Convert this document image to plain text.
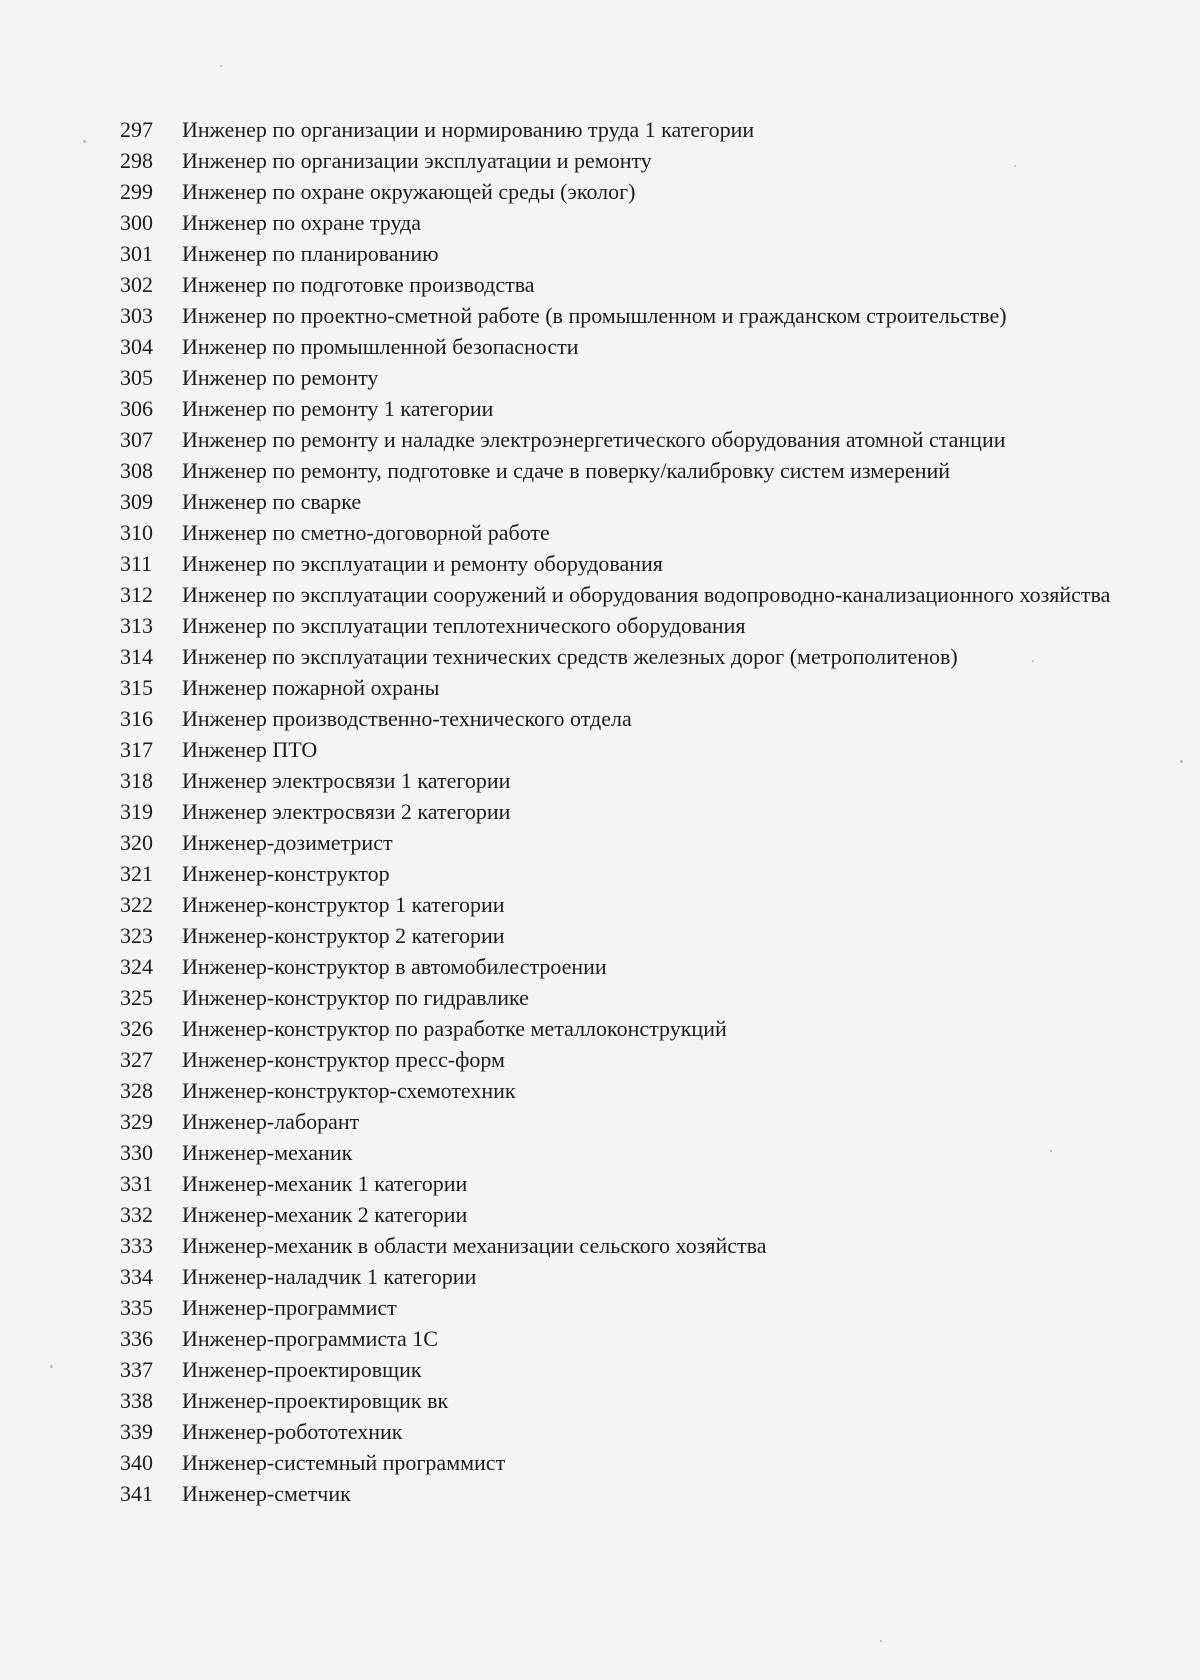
297	Инженер по организации и нормированию труда 1 категории
298	Инженер по организации эксплуатации и ремонту
299	Инженер по охране окружающей среды (эколог)
300	Инженер по охране труда
301	Инженер по планированию
302	Инженер по подготовке производства
303	Инженер по проектно-сметной работе (в промышленном и гражданском строительстве)
304	Инженер по промышленной безопасности
305	Инженер по ремонту
306	Инженер по ремонту 1 категории
307	Инженер по ремонту и наладке электроэнергетического оборудования атомной станции
308	Инженер по ремонту, подготовке и сдаче в поверку/калибровку систем измерений
309	Инженер по сварке
310	Инженер по сметно-договорной работе
311	Инженер по эксплуатации и ремонту оборудования
312	Инженер по эксплуатации сооружений и оборудования водопроводно-канализационного хозяйства
313	Инженер по эксплуатации теплотехнического оборудования
314	Инженер по эксплуатации технических средств железных дорог (метрополитенов)
315	Инженер пожарной охраны
316	Инженер производственно-технического отдела
317	Инженер ПТО
318	Инженер электросвязи 1 категории
319	Инженер электросвязи 2 категории
320	Инженер-дозиметрист
321	Инженер-конструктор
322	Инженер-конструктор 1 категории
323	Инженер-конструктор 2 категории
324	Инженер-конструктор в автомобилестроении
325	Инженер-конструктор по гидравлике
326	Инженер-конструктор по разработке металлоконструкций
327	Инженер-конструктор пресс-форм
328	Инженер-конструктор-схемотехник
329	Инженер-лаборант
330	Инженер-механик
331	Инженер-механик 1 категории
332	Инженер-механик 2 категории
333	Инженер-механик в области механизации сельского хозяйства
334	Инженер-наладчик 1 категории
335	Инженер-программист
336	Инженер-программиста 1С
337	Инженер-проектировщик
338	Инженер-проектировщик вк
339	Инженер-робототехник
340	Инженер-системный программист
341	Инженер-сметчик
